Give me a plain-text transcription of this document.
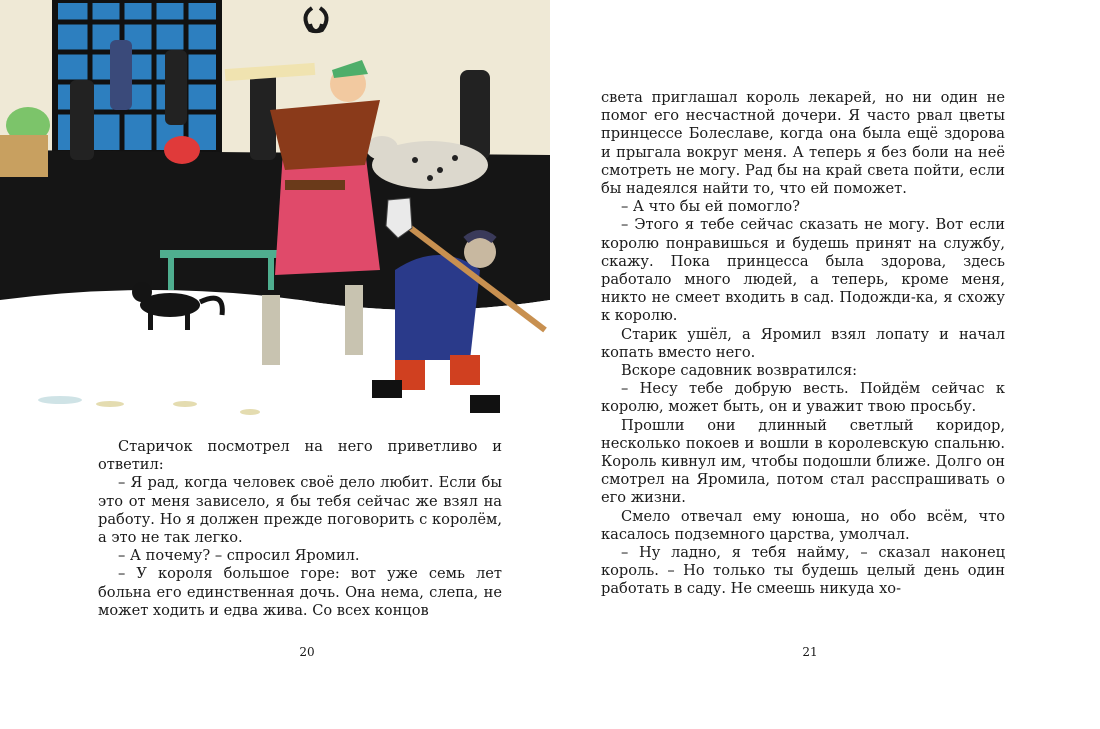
Старичок посмотрел на него приветливо и ответил:

– Я рад, когда человек своё дело любит. Если бы это от меня зависело, я бы тебя сейчас же взял на работу. Но я должен прежде поговорить с королём, а это не так легко.

– А почему? – спросил Яромил.

– У короля большое горе: вот уже семь лет больна его единственная дочь. Она нема, слепа, не может ходить и едва жива. Со всех концов

20

света приглашал король лекарей, но ни один не помог его несчастной дочери. Я часто рвал цветы принцессе Болеславе, когда она была ещё здорова и прыгала вокруг меня. А теперь я без боли на неё смотреть не могу. Рад бы на край света пойти, если бы надеялся найти то, что ей поможет.

– А что бы ей помогло?

– Этого я тебе сейчас сказать не могу. Вот если королю понравишься и будешь принят на службу, скажу. Пока принцесса была здорова, здесь работало много людей, а теперь, кроме меня, никто не смеет входить в сад. Подожди-ка, я схожу к королю.

Старик ушёл, а Яромил взял лопату и начал копать вместо него.

Вскоре садовник возвратился:

– Несу тебе добрую весть. Пойдём сейчас к королю, может быть, он и уважит твою просьбу.

Прошли они длинный светлый коридор, несколько покоев и вошли в королевскую спальню. Король кивнул им, чтобы подошли ближе. Долго он смотрел на Яромила, потом стал расспрашивать о его жизни.

Смело отвечал ему юноша, но обо всём, что касалось подземного царства, умолчал.

– Ну ладно, я тебя найму, – сказал наконец король. – Но только ты будешь целый день один работать в саду. Не смеешь никуда хо-

21
